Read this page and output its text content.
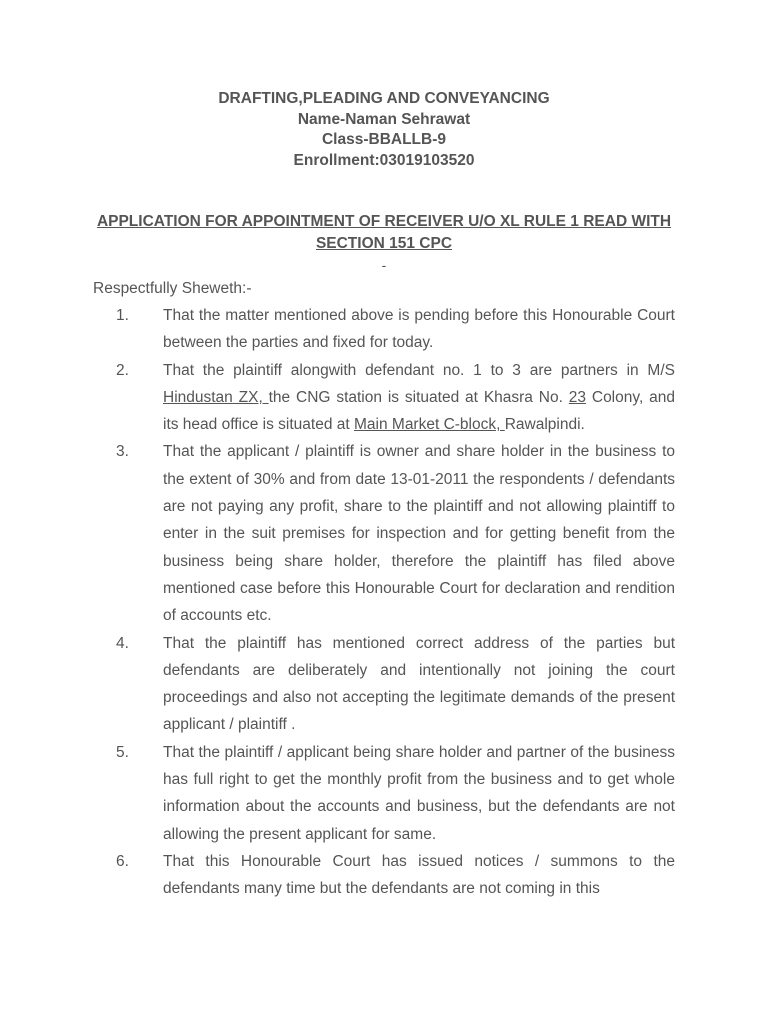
DRAFTING,PLEADING AND CONVEYANCING
Name-Naman Sehrawat
Class-BBALLB-9
Enrollment:03019103520
APPLICATION FOR APPOINTMENT OF RECEIVER U/O XL RULE 1 READ WITH SECTION 151 CPC
-
Respectfully Sheweth:-
1. That the matter mentioned above is pending before this Honourable Court between the parties and fixed for today.
2. That the plaintiff alongwith defendant no. 1 to 3 are partners in M/S Hindustan ZX, the CNG station is situated at Khasra No. 23 Colony, and its head office is situated at Main Market C-block, Rawalpindi.
3. That the applicant / plaintiff is owner and share holder in the business to the extent of 30% and from date 13-01-2011 the respondents / defendants are not paying any profit, share to the plaintiff and not allowing plaintiff to enter in the suit premises for inspection and for getting benefit from the business being share holder, therefore the plaintiff has filed above mentioned case before this Honourable Court for declaration and rendition of accounts etc.
4. That the plaintiff has mentioned correct address of the parties but defendants are deliberately and intentionally not joining the court proceedings and also not accepting the legitimate demands of the present applicant / plaintiff .
5. That the plaintiff / applicant being share holder and partner of the business has full right to get the monthly profit from the business and to get whole information about the accounts and business, but the defendants are not allowing the present applicant for same.
6. That this Honourable Court has issued notices / summons to the defendants many time but the defendants are not coming in this
